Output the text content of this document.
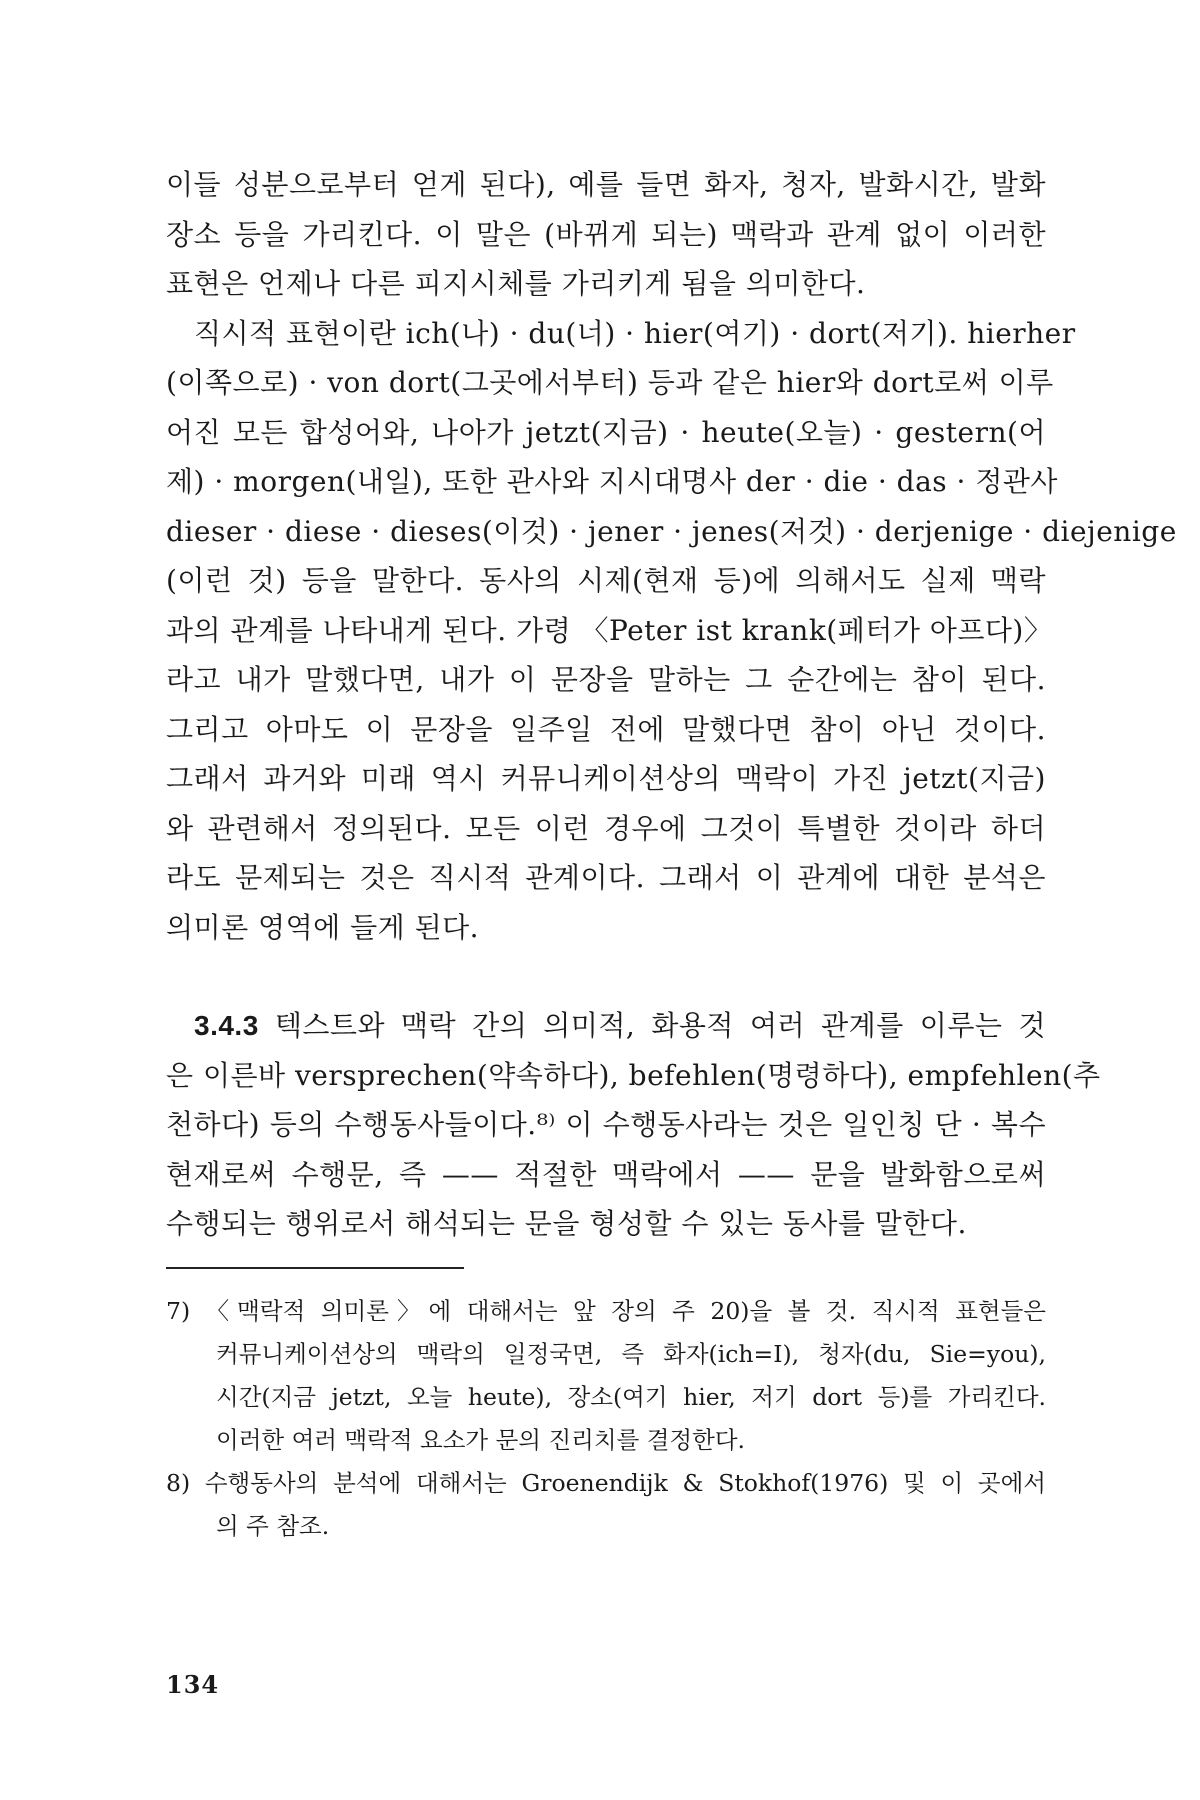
이들 성분으로부터 얻게 된다), 예를 들면 화자, 청자, 발화시간, 발화
장소 등을 가리킨다. 이 말은 (바뀌게 되는) 맥락과 관계 없이 이러한
표현은 언제나 다른 피지시체를 가리키게 됨을 의미한다.
직시적 표현이란 ich(나) · du(너) · hier(여기) · dort(저기). hierher
(이쪽으로) · von dort(그곳에서부터) 등과 같은 hier와 dort로써 이루
어진 모든 합성어와, 나아가 jetzt(지금) · heute(오늘) · gestern(어
제) · morgen(내일), 또한 관사와 지시대명사 der · die · das · 정관사
dieser · diese · dieses(이것) · jener · jenes(저것) · derjenige · diejenige
(이런 것) 등을 말한다. 동사의 시제(현재 등)에 의해서도 실제 맥락
과의 관계를 나타내게 된다. 가령 〈Peter ist krank(페터가 아프다)〉
라고 내가 말했다면, 내가 이 문장을 말하는 그 순간에는 참이 된다.
그리고 아마도 이 문장을 일주일 전에 말했다면 참이 아닌 것이다.
그래서 과거와 미래 역시 커뮤니케이션상의 맥락이 가진 jetzt(지금)
와 관련해서 정의된다. 모든 이런 경우에 그것이 특별한 것이라 하더
라도 문제되는 것은 직시적 관계이다. 그래서 이 관계에 대한 분석은
의미론 영역에 들게 된다.
3.4.3 텍스트와 맥락 간의 의미적, 화용적 여러 관계를 이루는 것
은 이른바 versprechen(약속하다), befehlen(명령하다), empfehlen(추
천하다) 등의 수행동사들이다.⁸⁾ 이 수행동사라는 것은 일인칭 단 · 복수
현재로써 수행문, 즉 —— 적절한 맥락에서 —— 문을 발화함으로써
수행되는 행위로서 해석되는 문을 형성할 수 있는 동사를 말한다.
7) 〈맥락적 의미론〉에 대해서는 앞 장의 주 20)을 볼 것. 직시적 표현들은
커뮤니케이션상의 맥락의 일정국면, 즉 화자(ich=I), 청자(du, Sie=you),
시간(지금 jetzt, 오늘 heute), 장소(여기 hier, 저기 dort 등)를 가리킨다.
이러한 여러 맥락적 요소가 문의 진리치를 결정한다.
8) 수행동사의 분석에 대해서는 Groenendijk & Stokhof(1976) 및 이 곳에서
의 주 참조.
134
